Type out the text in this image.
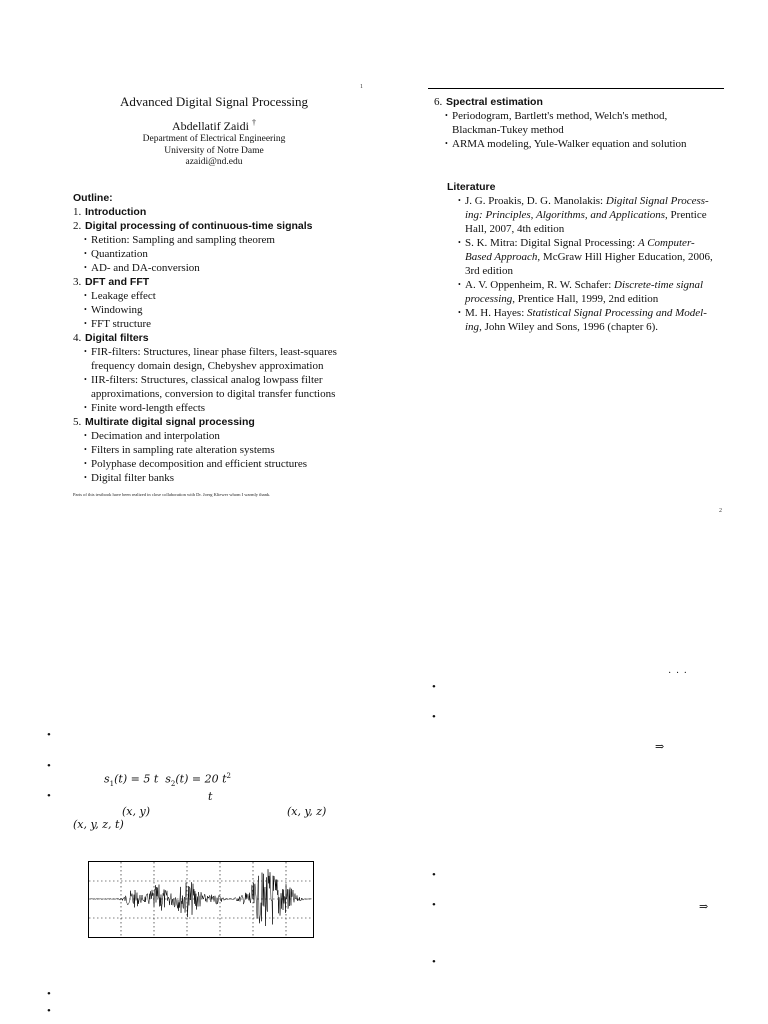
1
Advanced Digital Signal Processing
Abdellatif Zaidi †
Department of Electrical Engineering
University of Notre Dame
azaidi@nd.edu
Outline:
1. Introduction
2. Digital processing of continuous-time signals
• Retition: Sampling and sampling theorem
• Quantization
• AD- and DA-conversion
3. DFT and FFT
• Leakage effect
• Windowing
• FFT structure
4. Digital filters
• FIR-filters: Structures, linear phase filters, least-squares
frequency domain design, Chebyshev approximation
• IIR-filters: Structures, classical analog lowpass filter
approximations, conversion to digital transfer functions
• Finite word-length effects
5. Multirate digital signal processing
• Decimation and interpolation
• Filters in sampling rate alteration systems
• Polyphase decomposition and efficient structures
• Digital filter banks
Parts of this textbook have been realized in close collaboration with Dr. Joerg Kliewer whom I warmly thank.
6. Spectral estimation
• Periodogram, Bartlett's method, Welch's method,
Blackman-Tukey method
• ARMA modeling, Yule-Walker equation and solution
Literature
• J. G. Proakis, D. G. Manolakis: Digital Signal Process-
ing: Principles, Algorithms, and Applications, Prentice
Hall, 2007, 4th edition
• S. K. Mitra: Digital Signal Processing: A Computer-
Based Approach, McGraw Hill Higher Education, 2006,
3rd edition
• A. V. Oppenheim, R. W. Schafer: Discrete-time signal
processing, Prentice Hall, 1999, 2nd edition
• M. H. Hayes: Statistical Signal Processing and Model-
ing, John Wiley and Sons, 1996 (chapter 6).
2
· · ·
•
•
⇒
•
•	⇒
•
•
•
$s_1(t) = 5$ t $s_2(t) = 20$ $t^2$
•	t
(x, y)	(x, y, z)
(x, y, z, t)
•
•
